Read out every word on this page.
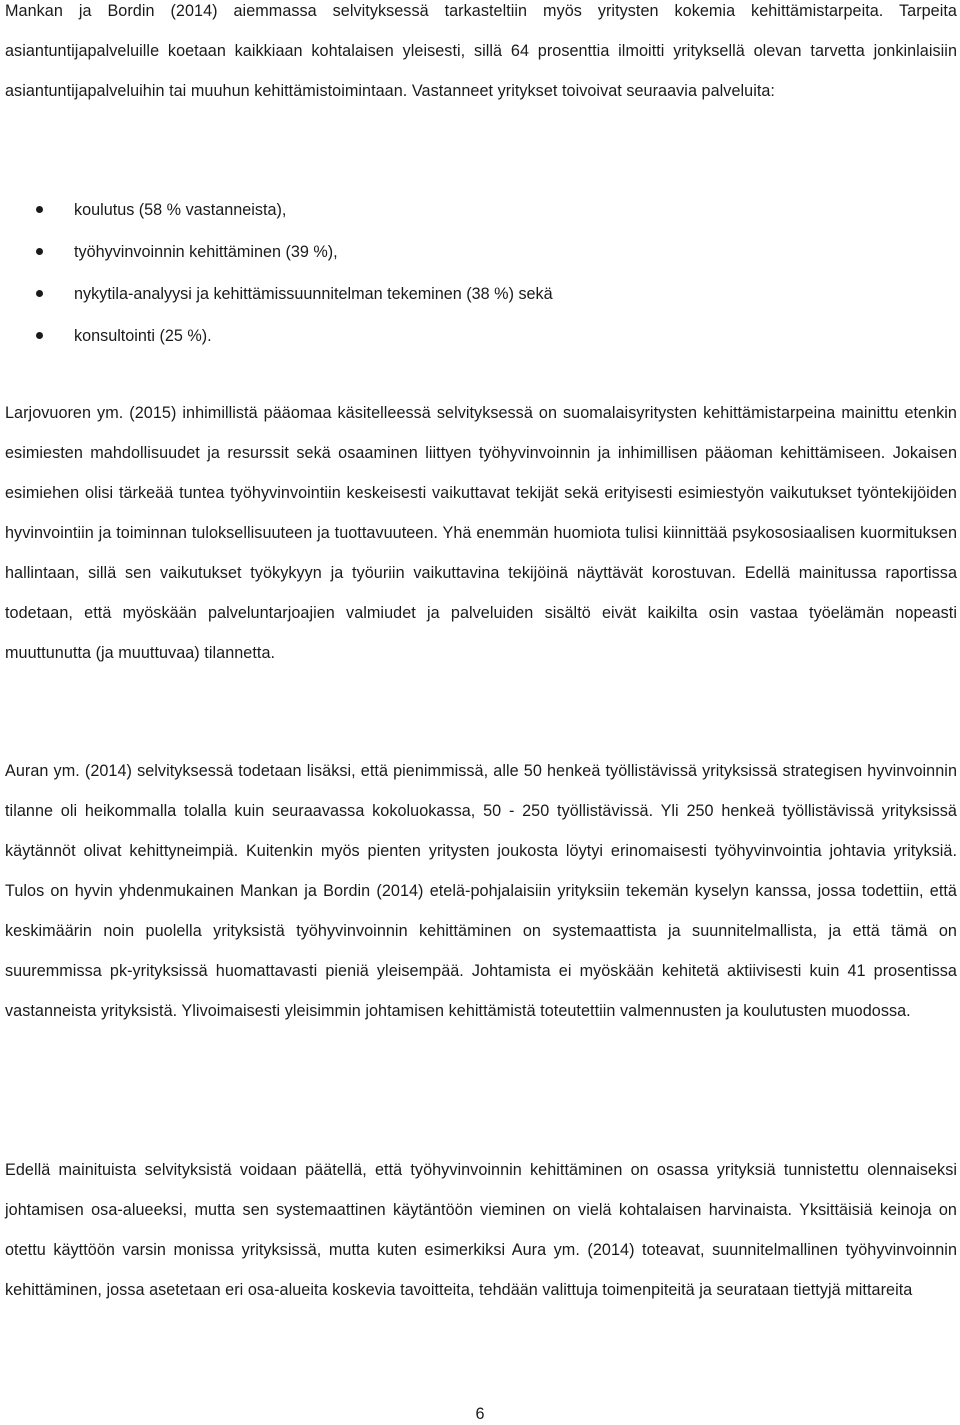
Mankan ja Bordin (2014) aiemmassa selvityksessä tarkasteltiin myös yritysten kokemia kehittämistarpeita. Tarpeita asiantuntijapalveluille koetaan kaikkiaan kohtalaisen yleisesti, sillä 64 prosenttia ilmoitti yrityksellä olevan tarvetta jonkinlaisiin asiantuntijapalveluihin tai muuhun kehittämistoimintaan. Vastanneet yritykset toivoivat seuraavia palveluita:

koulutus (58 % vastanneista),
työhyvinvoinnin kehittäminen (39 %),
nykytila-analyysi ja kehittämissuunnitelman tekeminen (38 %) sekä
konsultointi (25 %).

Larjovuoren ym. (2015) inhimillistä pääomaa käsitelleessä selvityksessä on suomalaisyritysten kehittämistarpeina mainittu etenkin esimiesten mahdollisuudet ja resurssit sekä osaaminen liittyen työhyvinvoinnin ja inhimillisen pääoman kehittämiseen. Jokaisen esimiehen olisi tärkeää tuntea työhyvinvointiin keskeisesti vaikuttavat tekijät sekä erityisesti esimiestyön vaikutukset työntekijöiden hyvinvointiin ja toiminnan tuloksellisuuteen ja tuottavuuteen. Yhä enemmän huomiota tulisi kiinnittää psykososiaalisen kuormituksen hallintaan, sillä sen vaikutukset työkykyyn ja työuriin vaikuttavina tekijöinä näyttävät korostuvan. Edellä mainitussa raportissa todetaan, että myöskään palveluntarjoajien valmiudet ja palveluiden sisältö eivät kaikilta osin vastaa työelämän nopeasti muuttunutta (ja muuttuvaa) tilannetta.

Auran ym. (2014) selvityksessä todetaan lisäksi, että pienimmissä, alle 50 henkeä työllistävissä yrityksissä strategisen hyvinvoinnin tilanne oli heikommalla tolalla kuin seuraavassa kokoluokassa, 50 - 250 työllistävissä. Yli 250 henkeä työllistävissä yrityksissä käytännöt olivat kehittyneimpiä. Kuitenkin myös pienten yritysten joukosta löytyi erinomaisesti työhyvinvointia johtavia yrityksiä. Tulos on hyvin yhdenmukainen Mankan ja Bordin (2014) etelä-pohjalaisiin yrityksiin tekemän kyselyn kanssa, jossa todettiin, että keskimäärin noin puolella yrityksistä työhyvinvoinnin kehittäminen on systemaattista ja suunnitelmallista, ja että tämä on suuremmissa pk-yrityksissä huomattavasti pieniä yleisempää. Johtamista ei myöskään kehitetä aktiivisesti kuin 41 prosentissa vastanneista yrityksistä. Ylivoimaisesti yleisimmin johtamisen kehittämistä toteutettiin valmennusten ja koulutusten muodossa.

Edellä mainituista selvityksistä voidaan päätellä, että työhyvinvoinnin kehittäminen on osassa yrityksiä tunnistettu olennaiseksi johtamisen osa-alueeksi, mutta sen systemaattinen käytäntöön vieminen on vielä kohtalaisen harvinaista. Yksittäisiä keinoja on otettu käyttöön varsin monissa yrityksissä, mutta kuten esimerkiksi Aura ym. (2014) toteavat, suunnitelmallinen työhyvinvoinnin kehittäminen, jossa asetetaan eri osa-alueita koskevia tavoitteita, tehdään valittuja toimenpiteitä ja seurataan tiettyjä mittareita

6
